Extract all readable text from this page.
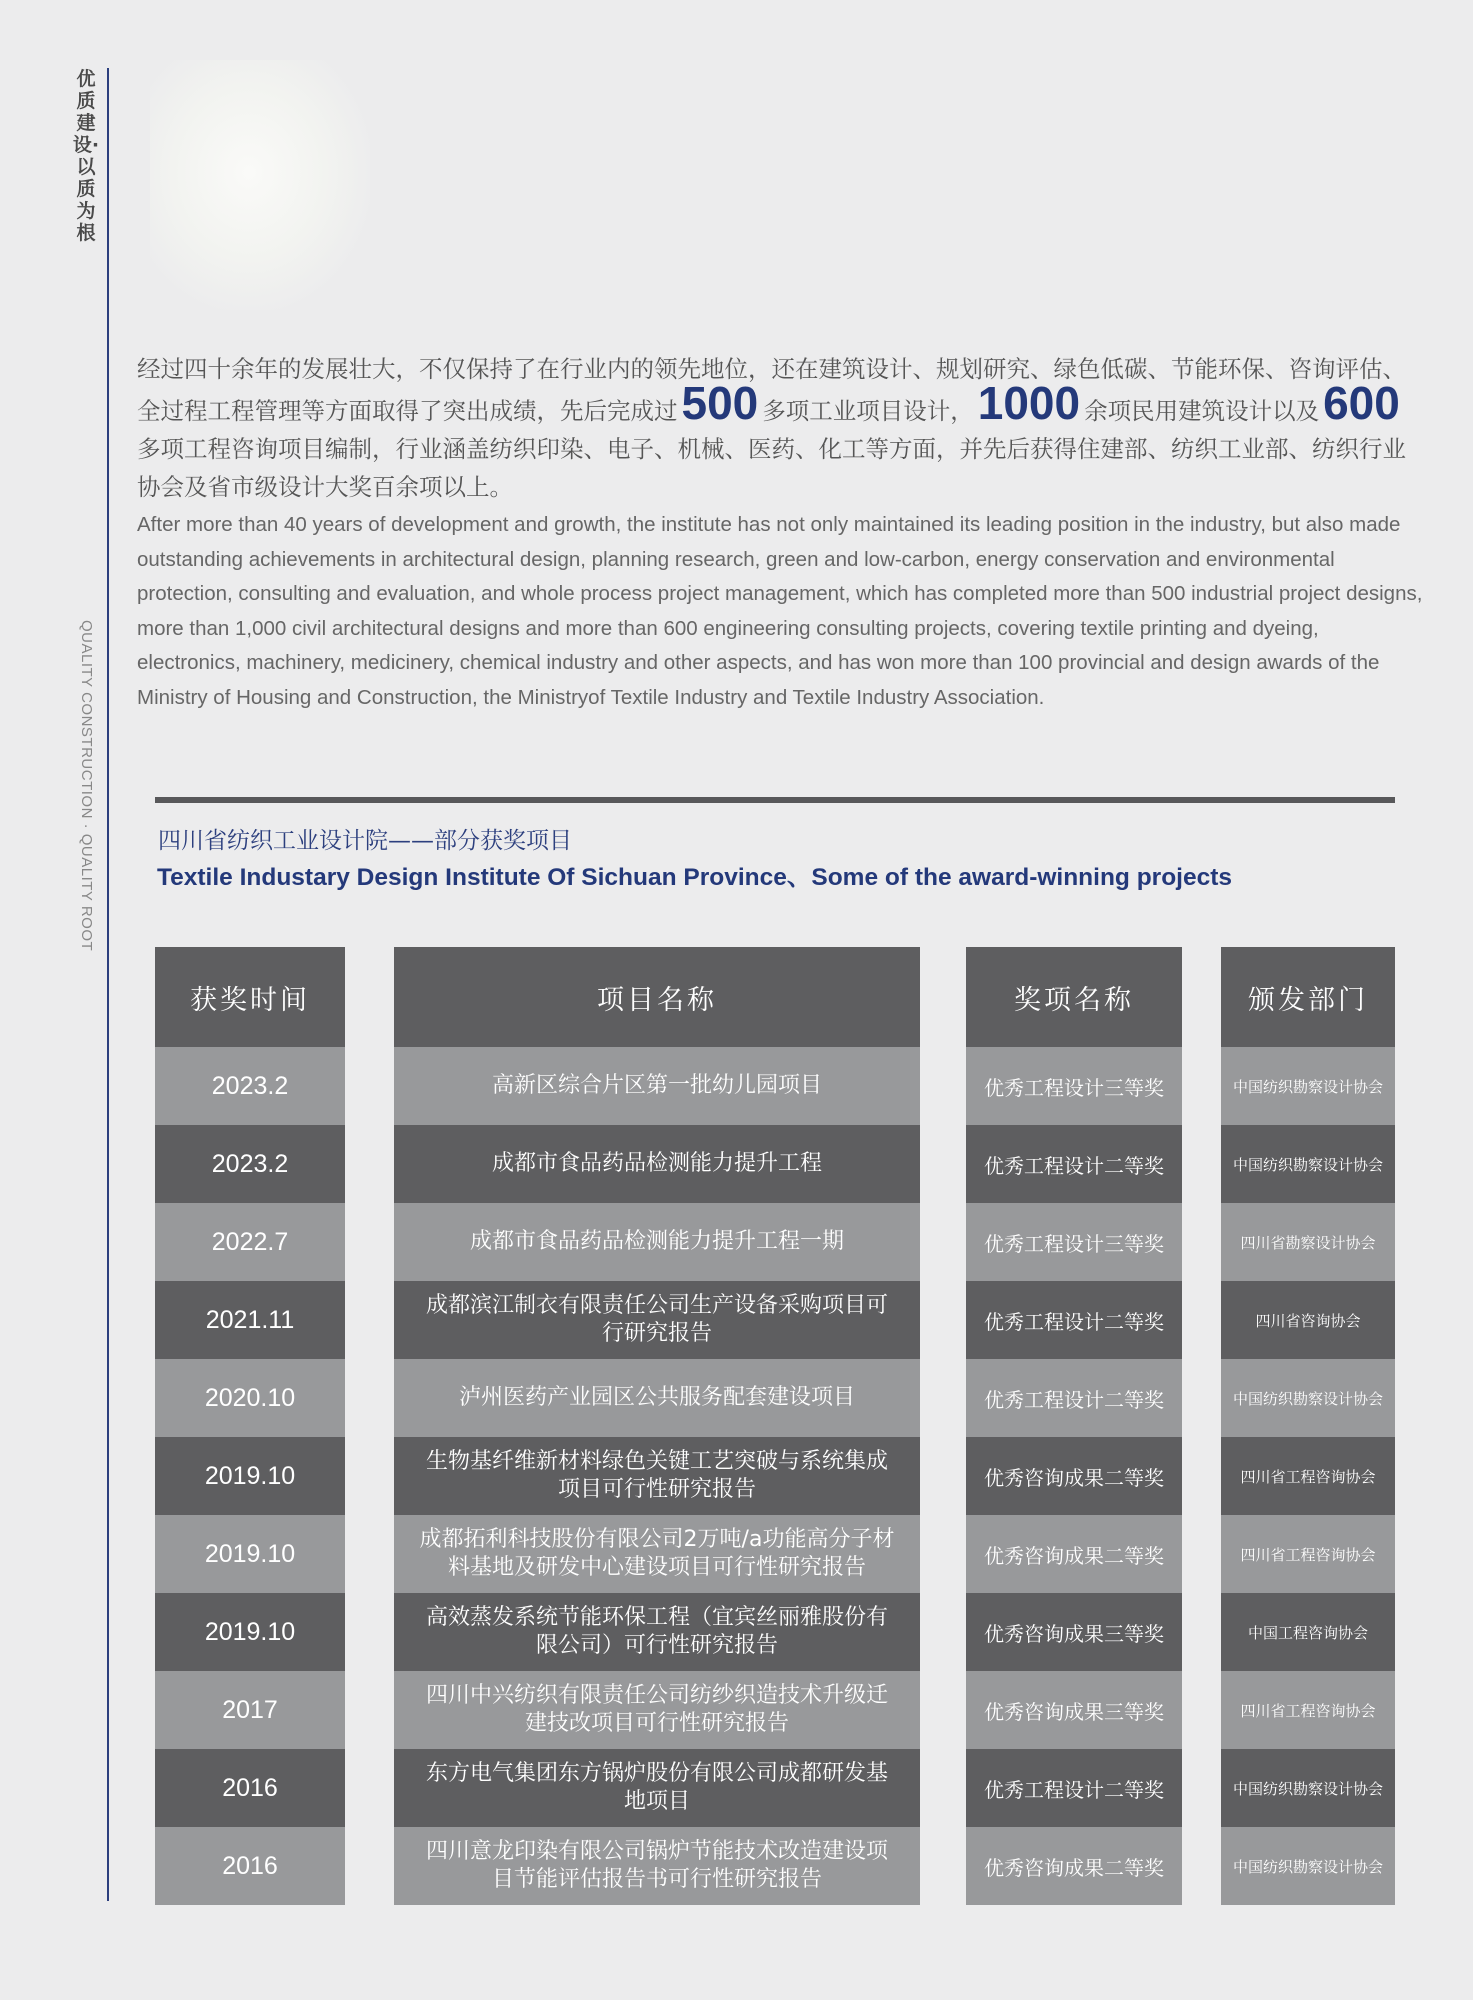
优质建设·以质为根
QUALITY CONSTRUCTION · QUALITY ROOT
经过四十余年的发展壮大，不仅保持了在行业内的领先地位，还在建筑设计、规划研究、绿色低碳、节能环保、咨询评估、全过程工程管理等方面取得了突出成绩，先后完成过500 多项工业项目设计，1000 余项民用建筑设计以及600多项工程咨询项目编制，行业涵盖纺织印染、电子、机械、医药、化工等方面，并先后获得住建部、纺织工业部、纺织行业协会及省市级设计大奖百余项以上。
After more than 40 years of development and growth, the institute has not only maintained its leading position in the industry, but also made outstanding achievements in architectural design, planning research, green and low-carbon, energy conservation and environmental protection, consulting and evaluation, and whole process project management, which has completed more than 500 industrial project designs, more than 1,000 civil architectural designs and more than 600 engineering consulting projects, covering textile printing and dyeing, electronics, machinery, medicinery, chemical industry and other aspects, and has won more than 100 provincial and design awards of the Ministry of Housing and Construction, the Ministryof Textile Industry and Textile Industry Association.
四川省纺织工业设计院——部分获奖项目
Textile Industary Design Institute Of Sichuan Province、Some of the award-winning projects
获奖时间
2023.2
2023.2
2022.7
2021.11
2020.10
2019.10
2019.10
2019.10
2017
2016
2016
项目名称
高新区综合片区第一批幼儿园项目
成都市食品药品检测能力提升工程
成都市食品药品检测能力提升工程一期
成都滨江制衣有限责任公司生产设备采购项目可行研究报告
泸州医药产业园区公共服务配套建设项目
生物基纤维新材料绿色关键工艺突破与系统集成项目可行性研究报告
成都拓利科技股份有限公司2万吨/a功能高分子材料基地及研发中心建设项目可行性研究报告
高效蒸发系统节能环保工程（宜宾丝丽雅股份有限公司）可行性研究报告
四川中兴纺织有限责任公司纺纱织造技术升级迁建技改项目可行性研究报告
东方电气集团东方锅炉股份有限公司成都研发基地项目
四川意龙印染有限公司锅炉节能技术改造建设项目节能评估报告书可行性研究报告
奖项名称
优秀工程设计三等奖
优秀工程设计二等奖
优秀工程设计三等奖
优秀工程设计二等奖
优秀工程设计二等奖
优秀咨询成果二等奖
优秀咨询成果二等奖
优秀咨询成果三等奖
优秀咨询成果三等奖
优秀工程设计二等奖
优秀咨询成果二等奖
颁发部门
中国纺织勘察设计协会
中国纺织勘察设计协会
四川省勘察设计协会
四川省咨询协会
中国纺织勘察设计协会
四川省工程咨询协会
四川省工程咨询协会
中国工程咨询协会
四川省工程咨询协会
中国纺织勘察设计协会
中国纺织勘察设计协会
